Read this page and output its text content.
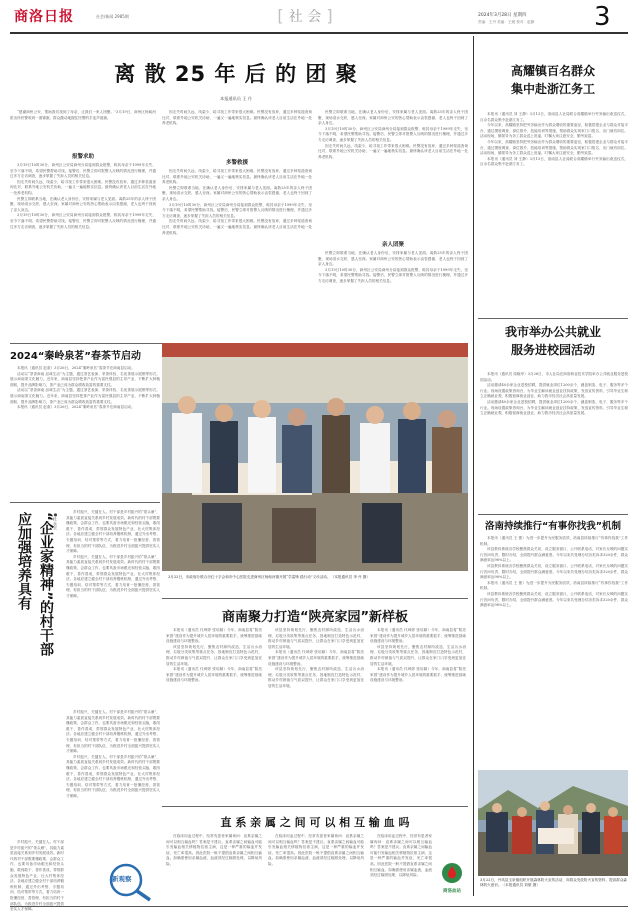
商洛日报	社会/新闻 2985期	[ 社 会 ]	2024年3月28日 星期四
责编：王丹 美编：王媛 校对：赵静 3
离 散 25 年 后 的 团 聚
本报通讯员 王 丹

“感谢商州公安，帮助我们找到了母亲，让我们一家人团聚。”3月19日，商州区杨峪河派出所民警收到一面锦旗，群众激动地握住民警的手连声道谢。

报警求助

3月19日10时30分，商州区公安局商州分局接到群众报警，称其母亲于1999年走失，至今下落不明，希望民警帮助寻找。接警后，民警立即对报警人反映的情况进行梳理，并通过多方走访调查，逐步掌握了失踪人员的相关信息。

因走失时间久远、线索少，给寻找工作带来很大困难。民警没有放弃，通过多种渠道查询比对，联系外地公安机关协助，一遍又一遍地核实信息。最终确认该老人目前生活在外地一处养老机构。

民警立即联系当地，在确认老人身份后，安排家属与老人见面。离散25年的亲人终于团聚，现场泪水交织，感人至深。家属对商州公安的热心帮助表示由衷感谢，老人也终于回到了亲人身边。

3月19日10时30分，商州区公安局商州分局接到群众报警，称其母亲于1999年走失，至今下落不明，希望民警帮助寻找。接警后，民警立即对报警人反映的情况进行梳理，并通过多方走访调查，逐步掌握了失踪人员的相关信息。

因走失时间久远、线索少，给寻找工作带来很大困难。民警没有放弃，通过多种渠道查询比对，联系外地公安机关协助，一遍又一遍地核实信息。最终确认该老人目前生活在外地一处养老机构。

多警救援

因走失时间久远、线索少，给寻找工作带来很大困难。民警没有放弃，通过多种渠道查询比对，联系外地公安机关协助，一遍又一遍地核实信息。最终确认该老人目前生活在外地一处养老机构。

民警立即联系当地，在确认老人身份后，安排家属与老人见面。离散25年的亲人终于团聚，现场泪水交织，感人至深。家属对商州公安的热心帮助表示由衷感谢，老人也终于回到了亲人身边。

3月19日10时30分，商州区公安局商州分局接到群众报警，称其母亲于1999年走失，至今下落不明，希望民警帮助寻找。接警后，民警立即对报警人反映的情况进行梳理，并通过多方走访调查，逐步掌握了失踪人员的相关信息。

因走失时间久远、线索少，给寻找工作带来很大困难。民警没有放弃，通过多种渠道查询比对，联系外地公安机关协助，一遍又一遍地核实信息。最终确认该老人目前生活在外地一处养老机构。

民警立即联系当地，在确认老人身份后，安排家属与老人见面。离散25年的亲人终于团聚，现场泪水交织，感人至深。家属对商州公安的热心帮助表示由衷感谢，老人也终于回到了亲人身边。

3月19日10时30分，商州区公安局商州分局接到群众报警，称其母亲于1999年走失，至今下落不明，希望民警帮助寻找。接警后，民警立即对报警人反映的情况进行梳理，并通过多方走访调查，逐步掌握了失踪人员的相关信息。

因走失时间久远、线索少，给寻找工作带来很大困难。民警没有放弃，通过多种渠道查询比对，联系外地公安机关协助，一遍又一遍地核实信息。最终确认该老人目前生活在外地一处养老机构。

亲人团聚

民警立即联系当地，在确认老人身份后，安排家属与老人见面。离散25年的亲人终于团聚，现场泪水交织，感人至深。家属对商州公安的热心帮助表示由衷感谢，老人也终于回到了亲人身边。

3月19日10时30分，商州区公安局商州分局接到群众报警，称其母亲于1999年走失，至今下落不明，希望民警帮助寻找。接警后，民警立即对报警人反映的情况进行梳理，并通过多方走访调查，逐步掌握了失踪人员的相关信息。

高耀镇百名群众
集中赴浙江务工

本报讯（通讯员 刘 王静）3月13日，洛南县人社局联合高耀镇举行劳务输出欢送仪式，百余名群众集中赴浙江务工。

今年以来，高耀镇坚持把劳务输出作为群众增收的重要途径，积极搭建企业与群众对接平台，通过摸底调查、岗位推介、技能培训等措施，帮助群众实现家门口报名、出门就有岗位。活动现场，镇领导为务工群众送上祝福，叮嘱大家注意安全，勤劳致富。

今年以来，高耀镇坚持把劳务输出作为群众增收的重要途径，积极搭建企业与群众对接平台，通过摸底调查、岗位推介、技能培训等措施，帮助群众实现家门口报名、出门就有岗位。活动现场，镇领导为务工群众送上祝福，叮嘱大家注意安全，勤劳致富。

本报讯（通讯员 刘 王静）3月13日，洛南县人社局联合高耀镇举行劳务输出欢送仪式，百余名群众集中赴浙江务工。

我市举办公共就业
服务进校园活动

本报讯（通讯员 周晓华）3月26日，市人社局在商洛职业技术学院举办公共就业服务进校园活动。

活动邀请40余家企业进校招聘，提供就业岗位1200余个，涵盖制造、电子、服务等多个行业。现场设置政策咨询台，为毕业生解读就业创业扶持政策，发放宣传资料，引导毕业生树立正确就业观，积极留商就业创业，助力我市经济社会高质量发展。

活动邀请40余家企业进校招聘，提供就业岗位1200余个，涵盖制造、电子、服务等多个行业。现场设置政策咨询台，为毕业生解读就业创业扶持政策，发放宣传资料，引导毕业生树立正确就业观，积极留商就业创业，助力我市经济社会高质量发展。

洛南持续推行“有事你找我”机制

本报讯（通讯员 王 蕾）为进一步提升为民服务质效，洛南县持续推行“有事你找我”工作机制。

该县教体系统各学校聚焦群众关切，设立服务窗口，公开联系电话，对家长反映的问题实行首问负责、限时办结，全面提升群众满意度。今年以来共受理办结各类诉求320余件，群众满意率达98%以上。

该县教体系统各学校聚焦群众关切，设立服务窗口，公开联系电话，对家长反映的问题实行首问负责、限时办结，全面提升群众满意度。今年以来共受理办结各类诉求320余件，群众满意率达98%以上。

本报讯（通讯员 王 蕾）为进一步提升为民服务质效，洛南县持续推行“有事你找我”工作机制。

该县教体系统各学校聚焦群众关切，设立服务窗口，公开联系电话，对家长反映的问题实行首问负责、限时办结，全面提升群众满意度。今年以来共受理办结各类诉求320余件，群众满意率达98%以上。

3月22日，丹凤县玉泉镇组织开展森林防火宣传活动，向群众发放防火宣传资料，提高群众森林防火意识。（本报通讯员 刘豪 摄）
2024“秦岭泉茗”春茶节启动

本报讯（通讯员 赵欢）3月26日，2024“秦岭泉茗”春茶节在商南县启动。

活动以“茶香商南 品味生活”为主题，通过茶艺表演、采茶体验、名优茶展示展销等形式，展示商南茶文化魅力。近年来，商南县坚持把茶产业作为富民强县的主导产业，不断扩大种植面积，提升品牌影响力，茶产业已成为群众增收致富的重要支柱。

活动以“茶香商南 品味生活”为主题，通过茶艺表演、采茶体验、名优茶展示展销等形式，展示商南茶文化魅力。近年来，商南县坚持把茶产业作为富民强县的主导产业，不断扩大种植面积，提升品牌影响力，茶产业已成为群众增收致富的重要支柱。

本报讯（通讯员 赵欢）3月26日，2024“秦岭泉茗”春茶节在商南县启动。

3月22日，市政府办联合市红十字会和市中心医院走进商州区杨峪河镇开展“学雷锋 践行动”义诊活动。（本报通讯员 李 丹 摄）
应加强培养具有 “企业家精神”的村干部 ●杜永全	乡村振兴，关键在人。村干部是乡村振兴的“领头雁”，其能力素质直接关系到乡村发展成效。新时代的村干部既要懂政策、会群众工作，也要具备市场眼光和经营头脑，敢闯敢干、善作善成，带领群众发展特色产业，壮大村集体经济。各地应建立健全村干部培养锻炼机制，通过外出考察、专题培训、结对帮带等方式，着力培育一批懂经营、善管理、有担当的村干部队伍，为推进乡村全面振兴提供坚实人才保障。

乡村振兴，关键在人。村干部是乡村振兴的“领头雁”，其能力素质直接关系到乡村发展成效。新时代的村干部既要懂政策、会群众工作，也要具备市场眼光和经营头脑，敢闯敢干、善作善成，带领群众发展特色产业，壮大村集体经济。各地应建立健全村干部培养锻炼机制，通过外出考察、专题培训、结对帮带等方式，着力培育一批懂经营、善管理、有担当的村干部队伍，为推进乡村全面振兴提供坚实人才保障。

乡村振兴，关键在人。村干部是乡村振兴的“领头雁”，其能力素质直接关系到乡村发展成效。新时代的村干部既要懂政策、会群众工作，也要具备市场眼光和经营头脑，敢闯敢干、善作善成，带领群众发展特色产业，壮大村集体经济。各地应建立健全村干部培养锻炼机制，通过外出考察、专题培训、结对帮带等方式，着力培育一批懂经营、善管理、有担当的村干部队伍，为推进乡村全面振兴提供坚实人才保障。

乡村振兴，关键在人。村干部是乡村振兴的“领头雁”，其能力素质直接关系到乡村发展成效。新时代的村干部既要懂政策、会群众工作，也要具备市场眼光和经营头脑，敢闯敢干、善作善成，带领群众发展特色产业，壮大村集体经济。各地应建立健全村干部培养锻炼机制，通过外出考察、专题培训、结对帮带等方式，着力培育一批懂经营、善管理、有担当的村干部队伍，为推进乡村全面振兴提供坚实人才保障。

乡村振兴，关键在人。村干部是乡村振兴的“领头雁”，其能力素质直接关系到乡村发展成效。新时代的村干部既要懂政策、会群众工作，也要具备市场眼光和经营头脑，敢闯敢干、善作善成，带领群众发展特色产业，壮大村集体经济。各地应建立健全村干部培养锻炼机制，通过外出考察、专题培训、结对帮带等方式，着力培育一批懂经营、善管理、有担当的村干部队伍，为推进乡村全面振兴提供坚实人才保障。

商南聚力打造“陕亮家园”新样板

本报讯（通讯员 代琦婷 张培颖）今年，商南县将“陕亮家园”建设作为提升城乡人居环境的重要抓手，统筹推进基础设施建设与环境整治。

该县坚持规划先行，聚焦农村厕所改造、生活污水治理、垃圾分类收集等重点任务，因地制宜打造特色示范村，推动乡村颜值与气质双提升，让群众在家门口享受到更加宜居的生活环境。

本报讯（通讯员 代琦婷 张培颖）今年，商南县将“陕亮家园”建设作为提升城乡人居环境的重要抓手，统筹推进基础设施建设与环境整治。

该县坚持规划先行，聚焦农村厕所改造、生活污水治理、垃圾分类收集等重点任务，因地制宜打造特色示范村，推动乡村颜值与气质双提升，让群众在家门口享受到更加宜居的生活环境。

本报讯（通讯员 代琦婷 张培颖）今年，商南县将“陕亮家园”建设作为提升城乡人居环境的重要抓手，统筹推进基础设施建设与环境整治。

该县坚持规划先行，聚焦农村厕所改造、生活污水治理、垃圾分类收集等重点任务，因地制宜打造特色示范村，推动乡村颜值与气质双提升，让群众在家门口享受到更加宜居的生活环境。

本报讯（通讯员 代琦婷 张培颖）今年，商南县将“陕亮家园”建设作为提升城乡人居环境的重要抓手，统筹推进基础设施建设与环境整治。

该县坚持规划先行，聚焦农村厕所改造、生活污水治理、垃圾分类收集等重点任务，因地制宜打造特色示范村，推动乡村颜值与气质双提升，让群众在家门口享受到更加宜居的生活环境。

本报讯（通讯员 代琦婷 张培颖）今年，商南县将“陕亮家园”建设作为提升城乡人居环境的重要抓手，统筹推进基础设施建设与环境整治。

直 系 亲 属 之 间 可 以 相 互 输 血 吗
新观察

在临床用血过程中，经常有患者家属询问：直系亲属之间可以相互输血吗？答案是不建议。直系亲属之间输血可能引发输血相关移植物抗宿主病，这是一种严重的输血并发症，死亡率很高。因此医院一般不提倡直系亲属之间相互输血。如确需使用亲属血液，血液须经过辐照处理，以降低风险。

在临床用血过程中，经常有患者家属询问：直系亲属之间可以相互输血吗？答案是不建议。直系亲属之间输血可能引发输血相关移植物抗宿主病，这是一种严重的输血并发症，死亡率很高。因此医院一般不提倡直系亲属之间相互输血。如确需使用亲属血液，血液须经过辐照处理，以降低风险。

在临床用血过程中，经常有患者家属询问：直系亲属之间可以相互输血吗？答案是不建议。直系亲属之间输血可能引发输血相关移植物抗宿主病，这是一种严重的输血并发症，死亡率很高。因此医院一般不提倡直系亲属之间相互输血。如确需使用亲属血液，血液须经过辐照处理，以降低风险。

商洛血站
